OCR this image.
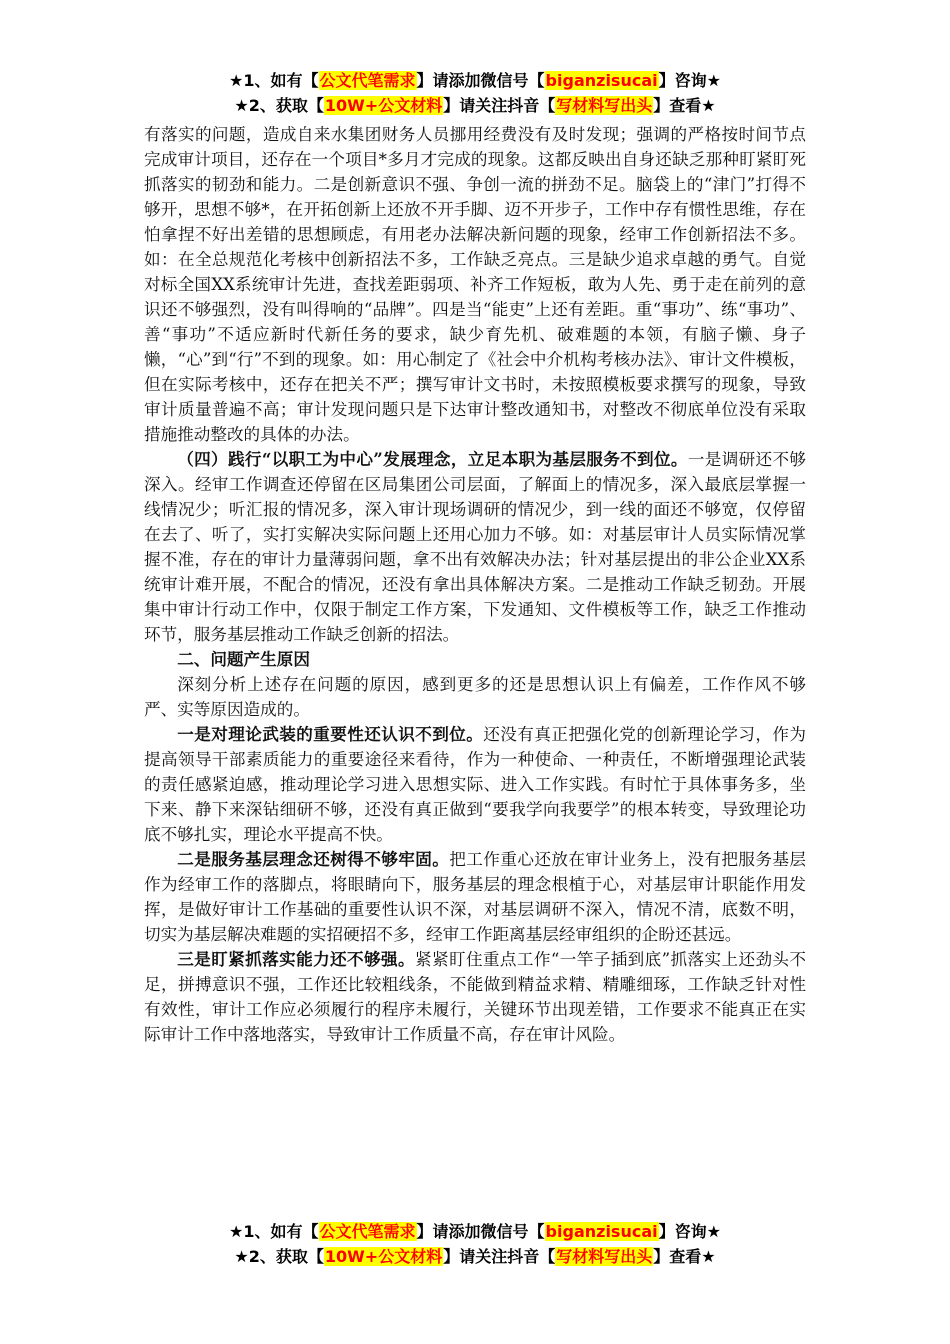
★1、如有【公文代笔需求】请添加微信号【biganzisucai】咨询★
★2、获取【10W+公文材料】请关注抖音【写材料写出头】查看★

有落实的问题，造成自来水集团财务人员挪用经费没有及时发现；强调的严格按时间节点完成审计项目，还存在一个项目*多月才完成的现象。这都反映出自身还缺乏那种盯紧盯死抓落实的韧劲和能力。二是创新意识不强、争创一流的拼劲不足。脑袋上的“津门”打得不够开，思想不够*，在开拓创新上还放不开手脚、迈不开步子，工作中存有惯性思维，存在怕拿捏不好出差错的思想顾虑，有用老办法解决新问题的现象，经审工作创新招法不多。如：在全总规范化考核中创新招法不多，工作缺乏亮点。三是缺少追求卓越的勇气。自觉对标全国XX系统审计先进，查找差距弱项、补齐工作短板，敢为人先、勇于走在前列的意识还不够强烈，没有叫得响的“品牌”。四是当“能吏”上还有差距。重“事功”、练“事功”、善“事功”不适应新时代新任务的要求，缺少育先机、破难题的本领，有脑子懒、身子懒，“心”到“行”不到的现象。如：用心制定了《社会中介机构考核办法》、审计文件模板，但在实际考核中，还存在把关不严；撰写审计文书时，未按照模板要求撰写的现象，导致审计质量普遍不高；审计发现问题只是下达审计整改通知书，对整改不彻底单位没有采取措施推动整改的具体的办法。

（四）践行“以职工为中心”发展理念，立足本职为基层服务不到位。一是调研还不够深入。经审工作调查还停留在区局集团公司层面，了解面上的情况多，深入最底层掌握一线情况少；听汇报的情况多，深入审计现场调研的情况少，到一线的面还不够宽，仅停留在去了、听了，实打实解决实际问题上还用心加力不够。如：对基层审计人员实际情况掌握不准，存在的审计力量薄弱问题，拿不出有效解决办法；针对基层提出的非公企业XX系统审计难开展，不配合的情况，还没有拿出具体解决方案。二是推动工作缺乏韧劲。开展集中审计行动工作中，仅限于制定工作方案，下发通知、文件模板等工作，缺乏工作推动环节，服务基层推动工作缺乏创新的招法。

二、问题产生原因

深刻分析上述存在问题的原因，感到更多的还是思想认识上有偏差，工作作风不够严、实等原因造成的。

一是对理论武装的重要性还认识不到位。还没有真正把强化党的创新理论学习，作为提高领导干部素质能力的重要途径来看待，作为一种使命、一种责任，不断增强理论武装的责任感紧迫感，推动理论学习进入思想实际、进入工作实践。有时忙于具体事务多，坐下来、静下来深钻细研不够，还没有真正做到“要我学向我要学”的根本转变，导致理论功底不够扎实，理论水平提高不快。

二是服务基层理念还树得不够牢固。把工作重心还放在审计业务上，没有把服务基层作为经审工作的落脚点，将眼睛向下，服务基层的理念根植于心，对基层审计职能作用发挥，是做好审计工作基础的重要性认识不深，对基层调研不深入，情况不清，底数不明，切实为基层解决难题的实招硬招不多，经审工作距离基层经审组织的企盼还甚远。

三是盯紧抓落实能力还不够强。紧紧盯住重点工作“一竿子插到底”抓落实上还劲头不足，拼搏意识不强，工作还比较粗线条，不能做到精益求精、精雕细琢，工作缺乏针对性有效性，审计工作应必须履行的程序未履行，关键环节出现差错，工作要求不能真正在实际审计工作中落地落实，导致审计工作质量不高，存在审计风险。

★1、如有【公文代笔需求】请添加微信号【biganzisucai】咨询★
★2、获取【10W+公文材料】请关注抖音【写材料写出头】查看★
